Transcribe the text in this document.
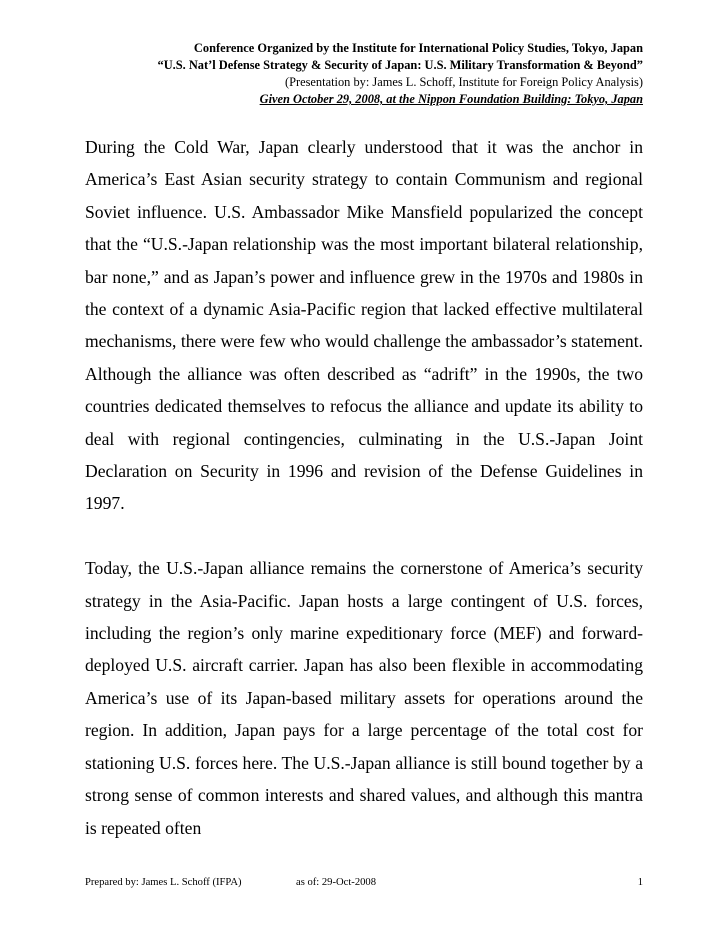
Conference Organized by the Institute for International Policy Studies, Tokyo, Japan
“U.S. Nat’l Defense Strategy & Security of Japan: U.S. Military Transformation & Beyond”
(Presentation by: James L. Schoff, Institute for Foreign Policy Analysis)
Given October 29, 2008, at the Nippon Foundation Building: Tokyo, Japan

During the Cold War, Japan clearly understood that it was the anchor in America’s East Asian security strategy to contain Communism and regional Soviet influence. U.S. Ambassador Mike Mansfield popularized the concept that the “U.S.-Japan relationship was the most important bilateral relationship, bar none,” and as Japan’s power and influence grew in the 1970s and 1980s in the context of a dynamic Asia-Pacific region that lacked effective multilateral mechanisms, there were few who would challenge the ambassador’s statement. Although the alliance was often described as “adrift” in the 1990s, the two countries dedicated themselves to refocus the alliance and update its ability to deal with regional contingencies, culminating in the U.S.-Japan Joint Declaration on Security in 1996 and revision of the Defense Guidelines in 1997.

Today, the U.S.-Japan alliance remains the cornerstone of America’s security strategy in the Asia-Pacific. Japan hosts a large contingent of U.S. forces, including the region’s only marine expeditionary force (MEF) and forward-deployed U.S. aircraft carrier. Japan has also been flexible in accommodating America’s use of its Japan-based military assets for operations around the region. In addition, Japan pays for a large percentage of the total cost for stationing U.S. forces here. The U.S.-Japan alliance is still bound together by a strong sense of common interests and shared values, and although this mantra is repeated often

Prepared by: James L. Schoff (IFPA)	as of: 29-Oct-2008	1
